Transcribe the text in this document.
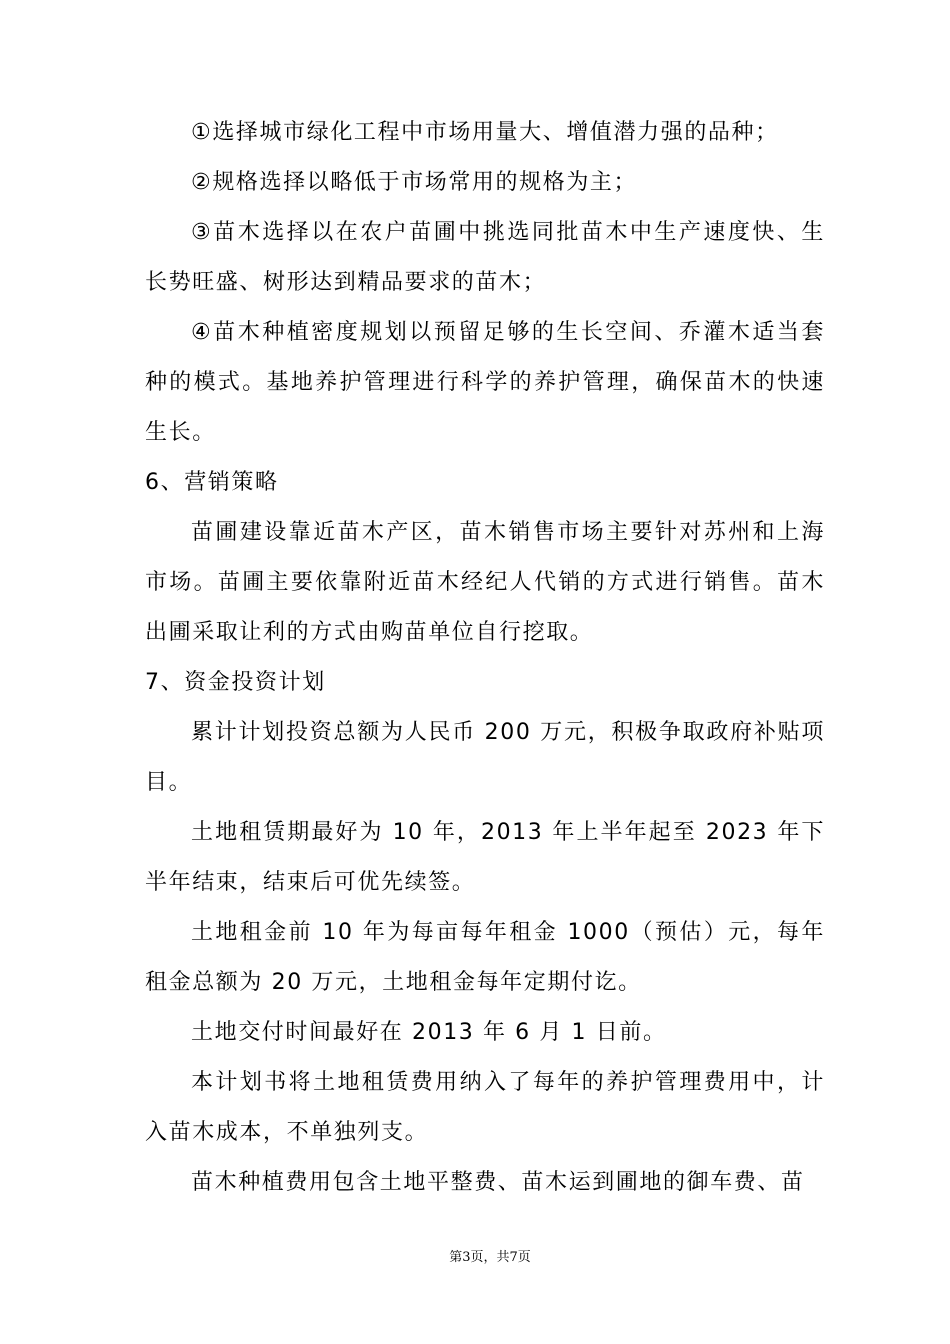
①选择城市绿化工程中市场用量大、增值潜力强的品种；

②规格选择以略低于市场常用的规格为主；

③苗木选择以在农户苗圃中挑选同批苗木中生产速度快、生长势旺盛、树形达到精品要求的苗木；

④苗木种植密度规划以预留足够的生长空间、乔灌木适当套种的模式。基地养护管理进行科学的养护管理，确保苗木的快速生长。

6、营销策略

苗圃建设靠近苗木产区，苗木销售市场主要针对苏州和上海市场。苗圃主要依靠附近苗木经纪人代销的方式进行销售。苗木出圃采取让利的方式由购苗单位自行挖取。

7、资金投资计划

累计计划投资总额为人民币 200 万元，积极争取政府补贴项目。

土地租赁期最好为 10 年，2013 年上半年起至 2023 年下半年结束，结束后可优先续签。

土地租金前 10 年为每亩每年租金 1000（预估）元，每年租金总额为 20 万元，土地租金每年定期付讫。

土地交付时间最好在 2013 年 6 月 1 日前。

本计划书将土地租赁费用纳入了每年的养护管理费用中，计入苗木成本，不单独列支。

苗木种植费用包含土地平整费、苗木运到圃地的御车费、苗

第3页，共7页
